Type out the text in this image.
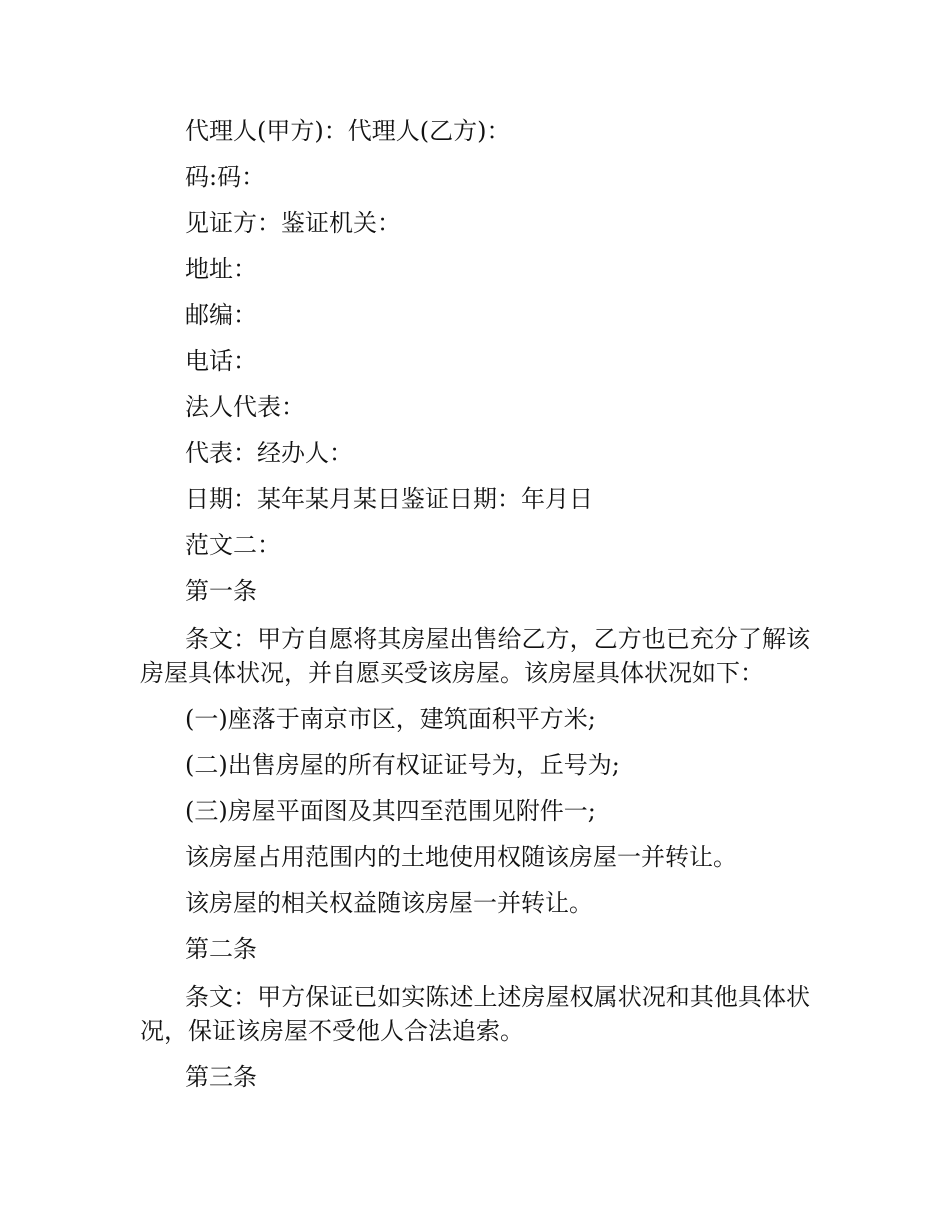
代理人(甲方)：代理人(乙方)：

码:码：

见证方：鉴证机关：

地址：

邮编：

电话：

法人代表：

代表：经办人：

日期：某年某月某日鉴证日期：年月日

范文二：

第一条

条文：甲方自愿将其房屋出售给乙方，乙方也已充分了解该房屋具体状况，并自愿买受该房屋。该房屋具体状况如下：

(一)座落于南京市区，建筑面积平方米;

(二)出售房屋的所有权证证号为，丘号为;

(三)房屋平面图及其四至范围见附件一;

该房屋占用范围内的土地使用权随该房屋一并转让。

该房屋的相关权益随该房屋一并转让。

第二条

条文：甲方保证已如实陈述上述房屋权属状况和其他具体状况，保证该房屋不受他人合法追索。

第三条
